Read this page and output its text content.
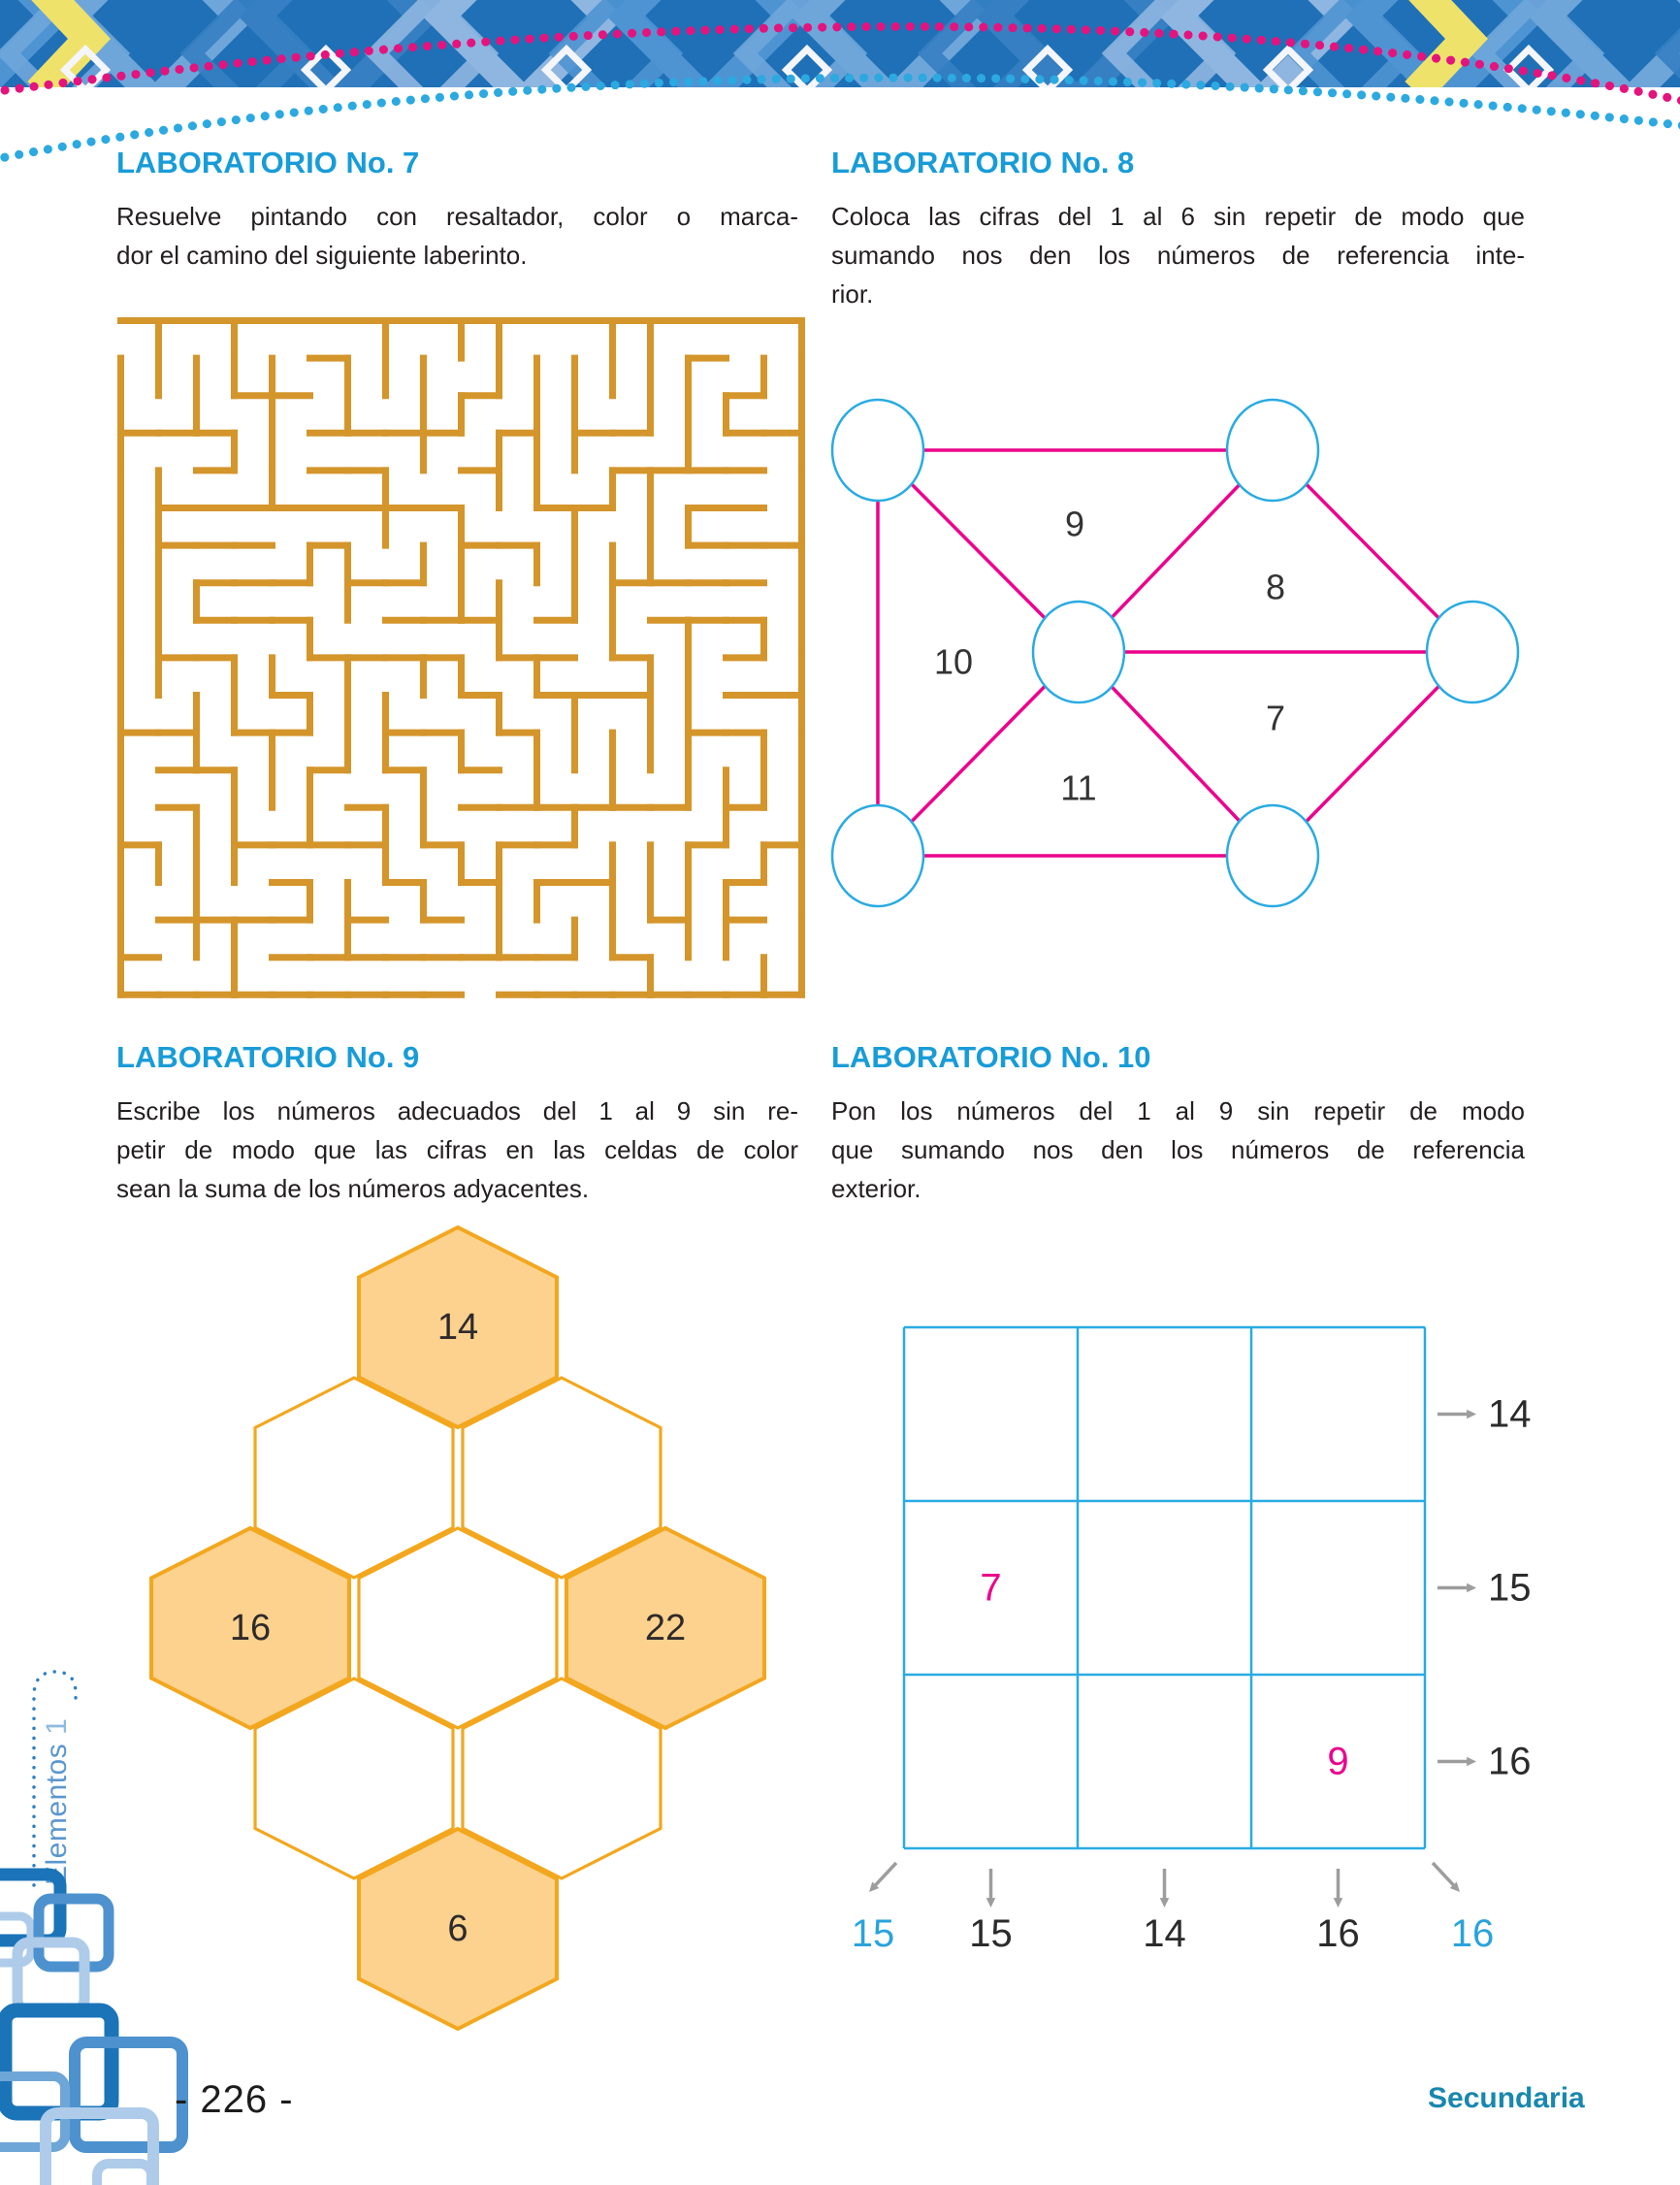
LABORATORIO No. 7
Resuelve pintando con resaltador, color o marca-
dor el camino del siguiente laberinto.
LABORATORIO No. 8
Coloca las cifras del 1 al 6 sin repetir de modo que
sumando nos den los números de referencia inte-
rior.
9
8
10
7
11
LABORATORIO No. 9
Escribe los números adecuados del 1 al 9 sin re-
petir de modo que las cifras en las celdas de color
sean la suma de los números adyacentes.
14
16	22
6
LABORATORIO No. 10
Pon los números del 1 al 9 sin repetir de modo
que sumando nos den los números de referencia
exterior.
7
9
14
15
16
15	14	16
15	16
Elementos 1
- 226 -	Secundaria
